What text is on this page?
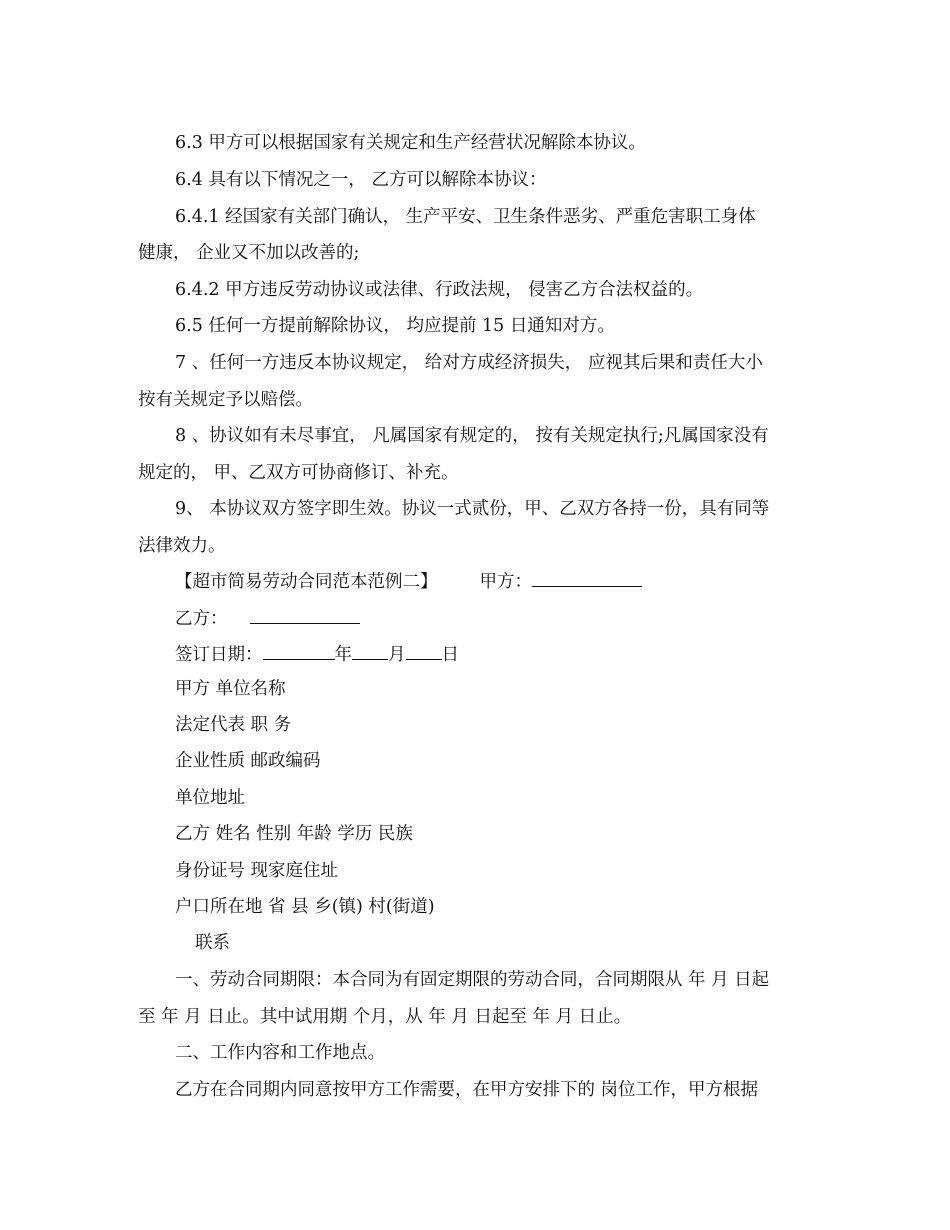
6.3 甲方可以根据国家有关规定和生产经营状况解除本协议。
6.4 具有以下情况之一， 乙方可以解除本协议：
6.4.1 经国家有关部门确认， 生产平安、卫生条件恶劣、严重危害职工身体
健康， 企业又不加以改善的;
6.4.2 甲方违反劳动协议或法律、行政法规， 侵害乙方合法权益的。
6.5 任何一方提前解除协议， 均应提前 15 日通知对方。
7 、任何一方违反本协议规定， 给对方成经济损失， 应视其后果和责任大小
按有关规定予以赔偿。
8 、协议如有未尽事宜， 凡属国家有规定的， 按有关规定执行;凡属国家没有
规定的， 甲、乙双方可协商修订、补充。
9、 本协议双方签字即生效。协议一式贰份，甲、乙双方各持一份，具有同等
法律效力。
【超市简易劳动合同范本范例二】 甲方：
乙方：
签订日期：	年 月 日
甲方 单位名称
法定代表 职 务
企业性质 邮政编码
单位地址
乙方 姓名 性别 年龄 学历 民族
身份证号 现家庭住址
户口所在地 省 县 乡(镇) 村(街道)
联系
一、劳动合同期限：本合同为有固定期限的劳动合同，合同期限从 年 月 日起
至 年 月 日止。其中试用期 个月，从 年 月 日起至 年 月 日止。
二、工作内容和工作地点。
乙方在合同期内同意按甲方工作需要，在甲方安排下的 岗位工作，甲方根据
